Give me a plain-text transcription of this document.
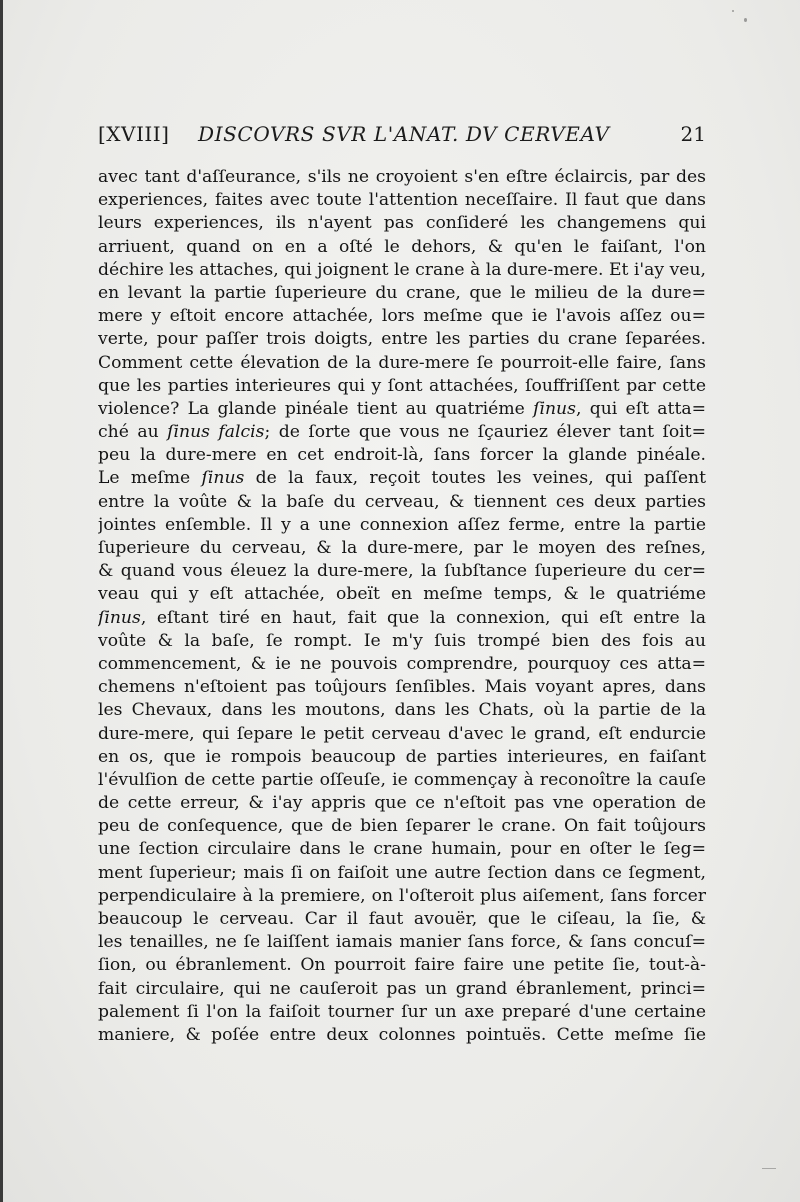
[XVIII] DISCOVRS SVR L'ANAT. DV CERVEAV	21
avec tant d'aſſeurance, s'ils ne croyoient s'en eſtre éclaircis, par des
experiences, faites avec toute l'attention neceſſaire. Il faut que dans
leurs experiences, ils n'ayent pas conſideré les changemens qui
arriuent, quand on en a oſté le dehors, & qu'en le faiſant, l'on
déchire les attaches, qui joignent le crane à la dure-mere. Et i'ay veu,
en levant la partie ſuperieure du crane, que le milieu de la dure=
mere y eſtoit encore attachée, lors meſme que ie l'avois aſſez ou=
verte, pour paſſer trois doigts, entre les parties du crane ſeparées.
Comment cette élevation de la dure-mere ſe pourroit-elle faire, ſans
que les parties interieures qui y ſont attachées, ſouffriſſent par cette
violence? La glande pinéale tient au quatriéme ſinus, qui eſt atta=
ché au ſinus falcis; de ſorte que vous ne ſçauriez élever tant ſoit=
peu la dure-mere en cet endroit-là, ſans forcer la glande pinéale.
Le meſme ſinus de la faux, reçoit toutes les veines, qui paſſent
entre la voûte & la baſe du cerveau, & tiennent ces deux parties
jointes enſemble. Il y a une connexion aſſez ferme, entre la partie
ſuperieure du cerveau, & la dure-mere, par le moyen des reſnes,
& quand vous éleuez la dure-mere, la ſubſtance ſuperieure du cer=
veau qui y eſt attachée, obeït en meſme temps, & le quatriéme
ſinus, eſtant tiré en haut, fait que la connexion, qui eſt entre la
voûte & la baſe, ſe rompt. Ie m'y ſuis trompé bien des fois au
commencement, & ie ne pouvois comprendre, pourquoy ces atta=
chemens n'eſtoient pas toûjours ſenſibles. Mais voyant apres, dans
les Chevaux, dans les moutons, dans les Chats, où la partie de la
dure-mere, qui ſepare le petit cerveau d'avec le grand, eſt endurcie
en os, que ie rompois beaucoup de parties interieures, en faiſant
l'évulſion de cette partie oſſeuſe, ie commençay à reconoître la cauſe
de cette erreur, & i'ay appris que ce n'eſtoit pas vne operation de
peu de conſequence, que de bien ſeparer le crane. On fait toûjours
une ſection circulaire dans le crane humain, pour en oſter le ſeg=
ment ſuperieur; mais ſi on faiſoit une autre ſection dans ce ſegment,
perpendiculaire à la premiere, on l'oſteroit plus aiſement, ſans forcer
beaucoup le cerveau. Car il faut avouër, que le ciſeau, la ſie, &
les tenailles, ne ſe laiſſent iamais manier ſans force, & ſans concuſ=
ſion, ou ébranlement. On pourroit faire faire une petite ſie, tout-à-
fait circulaire, qui ne cauſeroit pas un grand ébranlement, princi=
palement ſi l'on la faiſoit tourner ſur un axe preparé d'une certaine
maniere, & poſée entre deux colonnes pointuës. Cette meſme ſie
